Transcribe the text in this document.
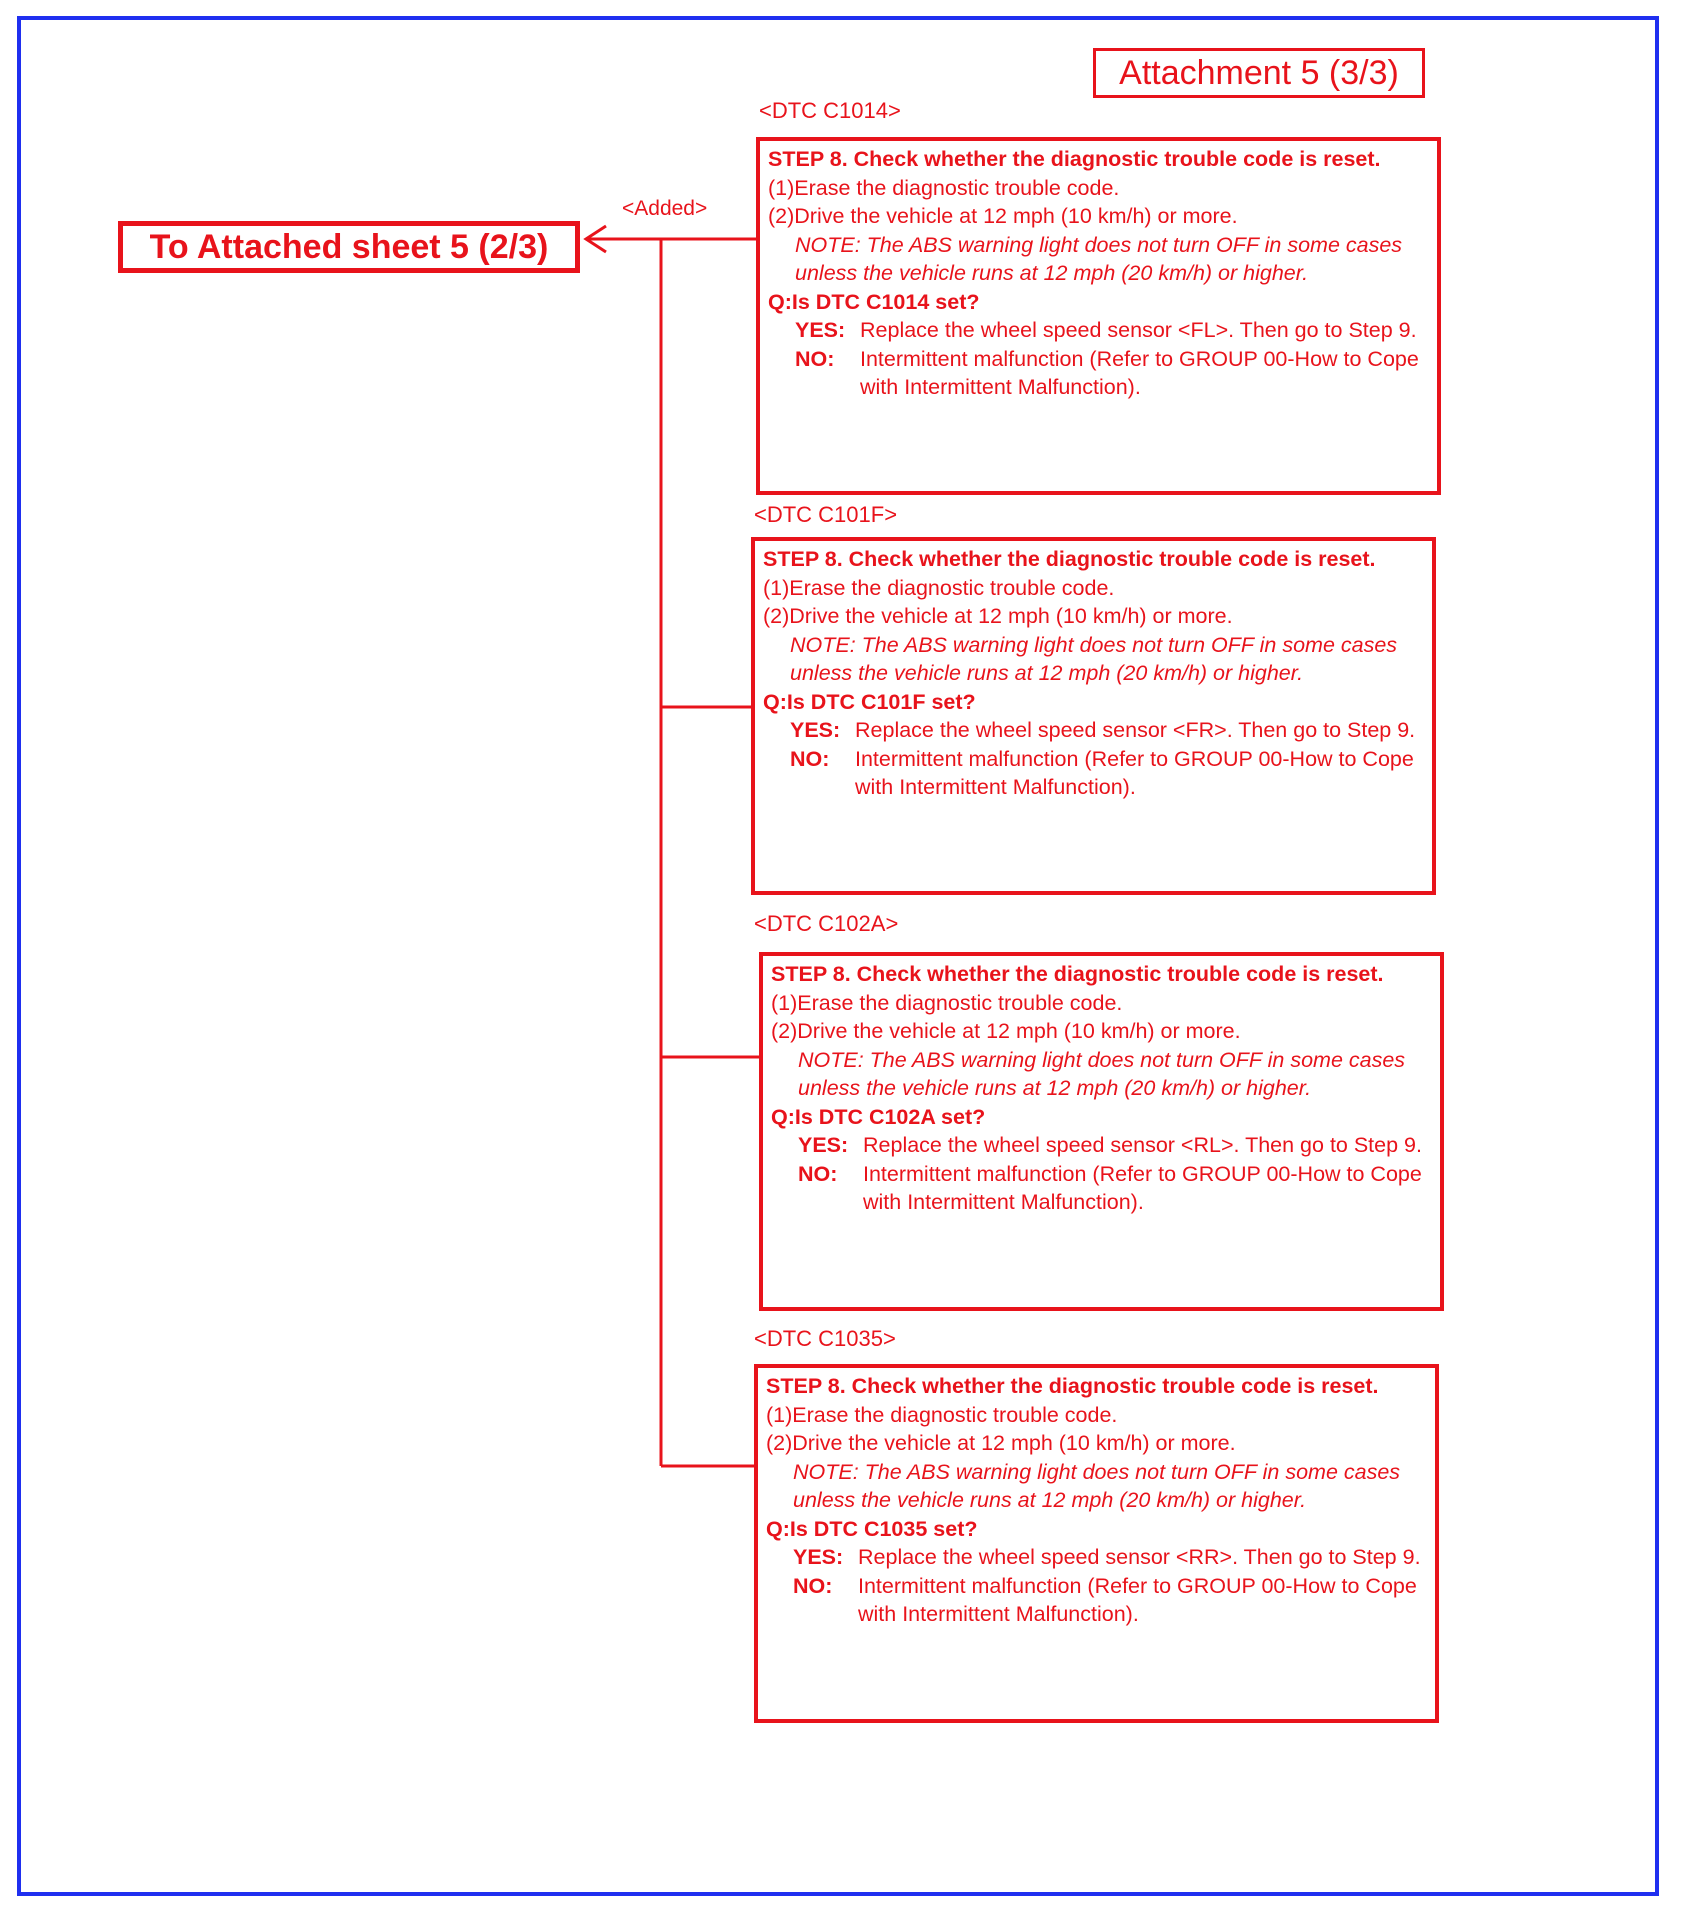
Attachment 5 (3/3)
To Attached sheet 5 (2/3)
<Added>
<DTC C1014>
STEP 8. Check whether the diagnostic trouble code is reset.
(1)Erase the diagnostic trouble code.
(2)Drive the vehicle at 12 mph (10 km/h) or more.
NOTE: The ABS warning light does not turn OFF in some cases unless the vehicle runs at 12 mph (20 km/h) or higher.
Q:Is DTC C1014 set?
YES: Replace the wheel speed sensor <FL>. Then go to Step 9.
NO:	Intermittent malfunction (Refer to GROUP 00-How to Cope with Intermittent Malfunction).
<DTC C101F>
STEP 8. Check whether the diagnostic trouble code is reset.
(1)Erase the diagnostic trouble code.
(2)Drive the vehicle at 12 mph (10 km/h) or more.
NOTE: The ABS warning light does not turn OFF in some cases unless the vehicle runs at 12 mph (20 km/h) or higher.
Q:Is DTC C101F set?
YES: Replace the wheel speed sensor <FR>. Then go to Step 9.
NO:	Intermittent malfunction (Refer to GROUP 00-How to Cope with Intermittent Malfunction).
<DTC C102A>
STEP 8. Check whether the diagnostic trouble code is reset.
(1)Erase the diagnostic trouble code.
(2)Drive the vehicle at 12 mph (10 km/h) or more.
NOTE: The ABS warning light does not turn OFF in some cases unless the vehicle runs at 12 mph (20 km/h) or higher.
Q:Is DTC C102A set?
YES: Replace the wheel speed sensor <RL>. Then go to Step 9.
NO:	Intermittent malfunction (Refer to GROUP 00-How to Cope with Intermittent Malfunction).
<DTC C1035>
STEP 8. Check whether the diagnostic trouble code is reset.
(1)Erase the diagnostic trouble code.
(2)Drive the vehicle at 12 mph (10 km/h) or more.
NOTE: The ABS warning light does not turn OFF in some cases unless the vehicle runs at 12 mph (20 km/h) or higher.
Q:Is DTC C1035 set?
YES: Replace the wheel speed sensor <RR>. Then go to Step 9.
NO:	Intermittent malfunction (Refer to GROUP 00-How to Cope with Intermittent Malfunction).
